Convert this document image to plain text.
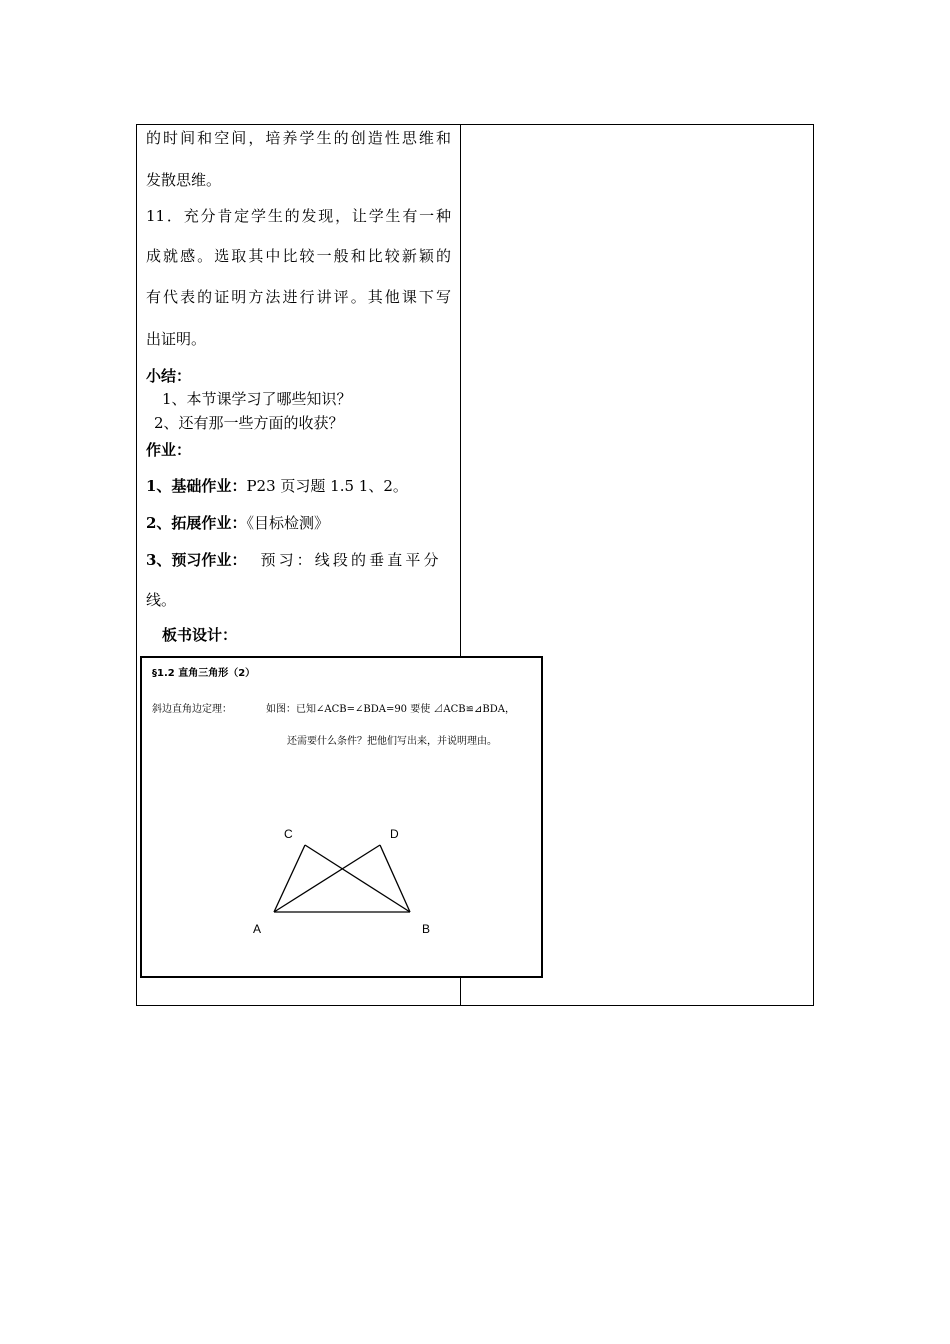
的时间和空间，培养学生的创造性思维和
发散思维。
11．充分肯定学生的发现，让学生有一种
成就感。选取其中比较一般和比较新颖的
有代表的证明方法进行讲评。其他课下写
出证明。
小结：
1、本节课学习了哪些知识？
2、还有那一些方面的收获？
作业：
1、基础作业：P23 页习题 1.5 1、2。
2、拓展作业：《目标检测》
3、预习作业： 预习：线段的垂直平分
线。
板书设计：
§1.2 直角三角形（2）
斜边直角边定理：	如图：已知∠ACB=∠BDA=90 要使 ⊿ACB≌⊿BDA，
还需要什么条件？把他们写出来，并说明理由。
C	D
A	B
